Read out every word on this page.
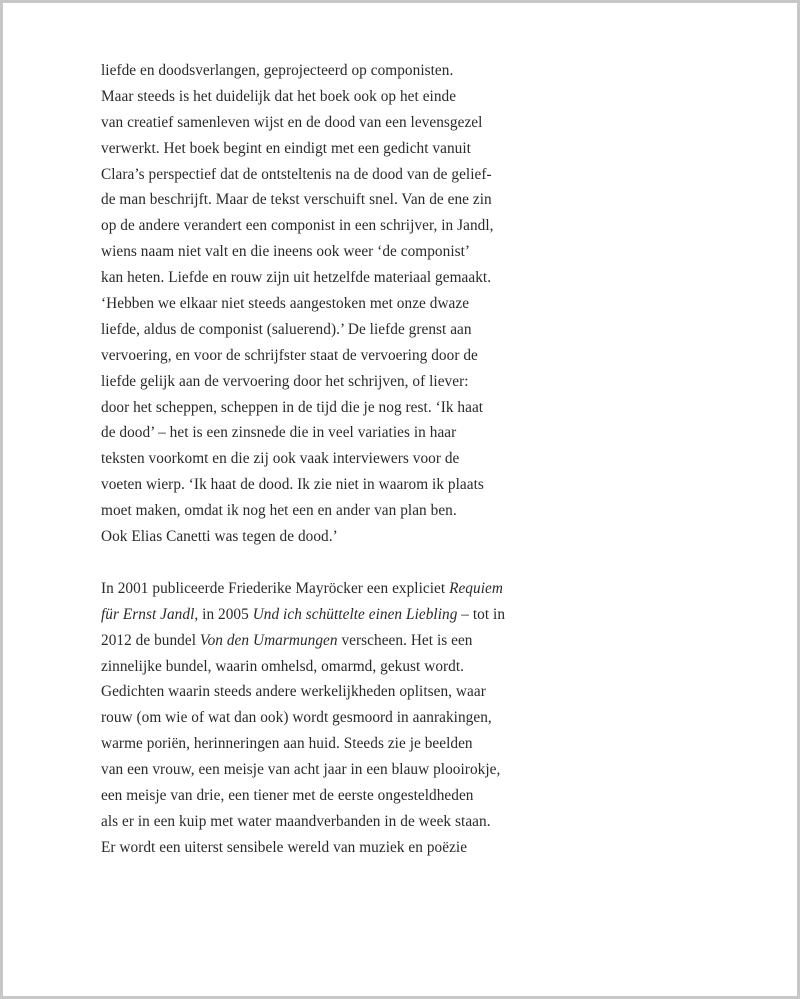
liefde en doodsverlangen, geprojecteerd op componisten.
Maar steeds is het duidelijk dat het boek ook op het einde
van creatief samenleven wijst en de dood van een levensgezel
verwerkt. Het boek begint en eindigt met een gedicht vanuit
Clara’s perspectief dat de ontsteltenis na de dood van de gelief-
de man beschrijft. Maar de tekst verschuift snel. Van de ene zin
op de andere verandert een componist in een schrijver, in Jandl,
wiens naam niet valt en die ineens ook weer ‘de componist’
kan heten. Liefde en rouw zijn uit hetzelfde materiaal gemaakt.
‘Hebben we elkaar niet steeds aangestoken met onze dwaze
liefde, aldus de componist (saluerend).’ De liefde grenst aan
vervoering, en voor de schrijfster staat de vervoering door de
liefde gelijk aan de vervoering door het schrijven, of liever:
door het scheppen, scheppen in de tijd die je nog rest. ‘Ik haat
de dood’ – het is een zinsnede die in veel variaties in haar
teksten voorkomt en die zij ook vaak interviewers voor de
voeten wierp. ‘Ik haat de dood. Ik zie niet in waarom ik plaats
moet maken, omdat ik nog het een en ander van plan ben.
Ook Elias Canetti was tegen de dood.’
In 2001 publiceerde Friederike Mayröcker een expliciet Requiem
für Ernst Jandl, in 2005 Und ich schüttelte einen Liebling – tot in
2012 de bundel Von den Umarmungen verscheen. Het is een
zinnelijke bundel, waarin omhelsd, omarmd, gekust wordt.
Gedichten waarin steeds andere werkelijkheden oplitsen, waar
rouw (om wie of wat dan ook) wordt gesmoord in aanrakingen,
warme poriën, herinneringen aan huid. Steeds zie je beelden
van een vrouw, een meisje van acht jaar in een blauw plooirokje,
een meisje van drie, een tiener met de eerste ongesteldheden
als er in een kuip met water maandverbanden in de week staan.
Er wordt een uiterst sensibele wereld van muziek en poëzie
